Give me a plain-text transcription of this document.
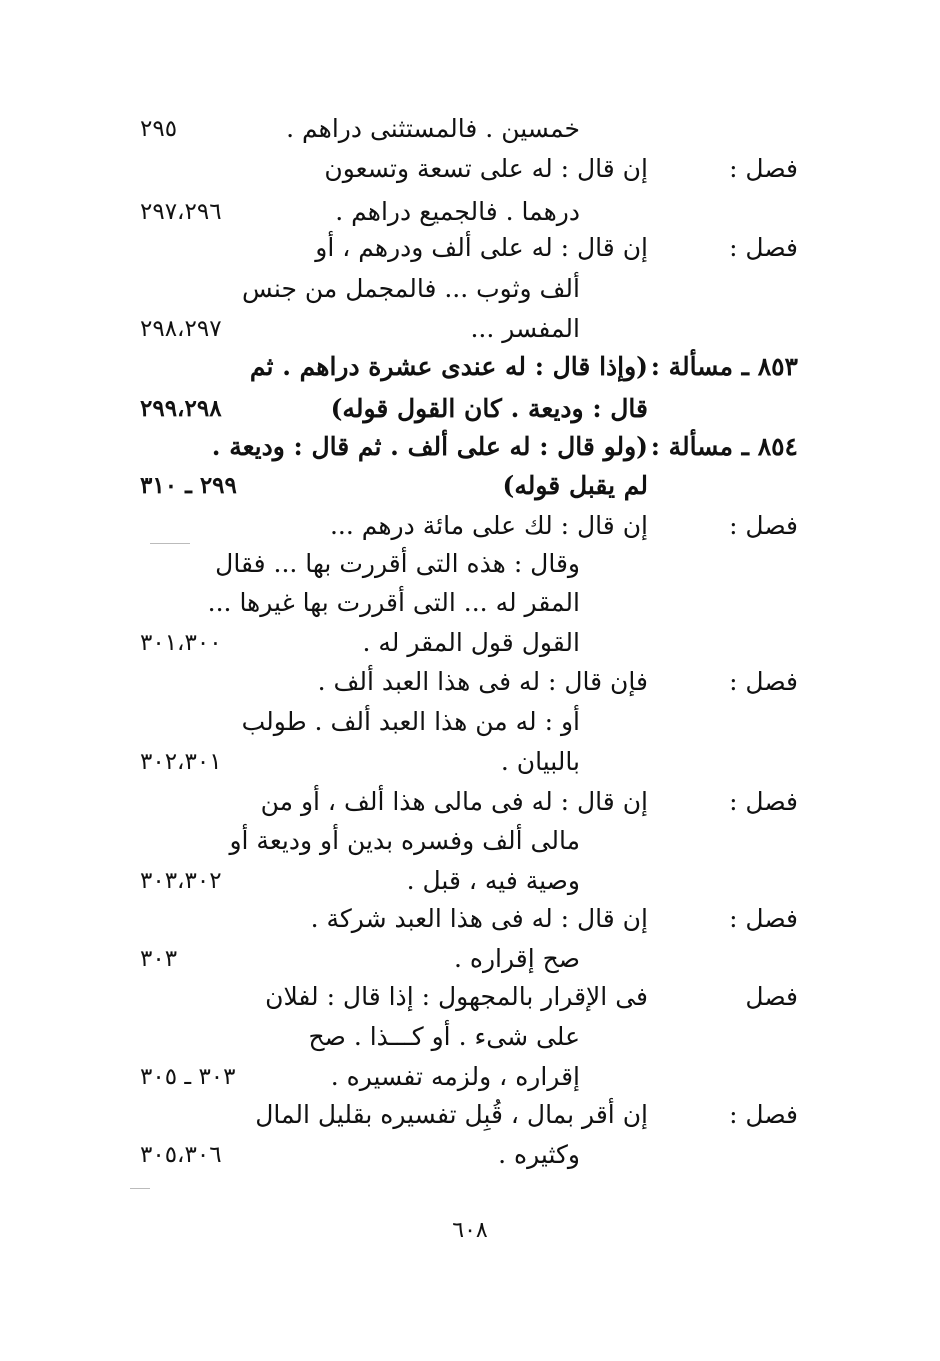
خمسين . فالمستثنى دراهم .
٢٩٥
فصل :
إن قال : له على تسعة وتسعون
درهما . فالجميع دراهم .
٢٩٧،٢٩٦
فصل :
إن قال : له على ألف ودرهم ، أو
ألف وثوب ... فالمجمل من جنس
المفسر ...
٢٩٨،٢٩٧
٨٥٣ ـ مسألة :
(وإذا قال : له عندى عشرة دراهم . ثم
قال : وديعة . كان القول قوله)
٢٩٩،٢٩٨
٨٥٤ ـ مسألة :
(ولو قال : له على ألف . ثم قال : وديعة .
لم يقبل قوله)
٢٩٩ ـ ٣١٠
فصل :
إن قال : لك على مائة درهم ...
وقال : هذه التى أقررت بها ... فقال
المقر له ... التى أقررت بها غيرها ...
القول قول المقر له .
٣٠١،٣٠٠
فصل :
فإن قال : له فى هذا العبد ألف .
أو : له من هذا العبد ألف . طولب
بالبيان .
٣٠٢،٣٠١
فصل :
إن قال : له فى مالى هذا ألف ، أو من
مالى ألف وفسره بدين أو وديعة أو
وصية فيه ، قبل .
٣٠٣،٣٠٢
فصل :
إن قال : له فى هذا العبد شركة .
صح إقراره .
٣٠٣
فصل
فى الإقرار بالمجهول : إذا قال : لفلان
على شىء . أو كـــذا . صح
إقراره ، ولزمه تفسيره .
٣٠٣ ـ ٣٠٥
فصل :
إن أقر بمال ، قُبِل تفسيره بقليل المال
وكثيره .
٣٠٥،٣٠٦
٦٠٨
